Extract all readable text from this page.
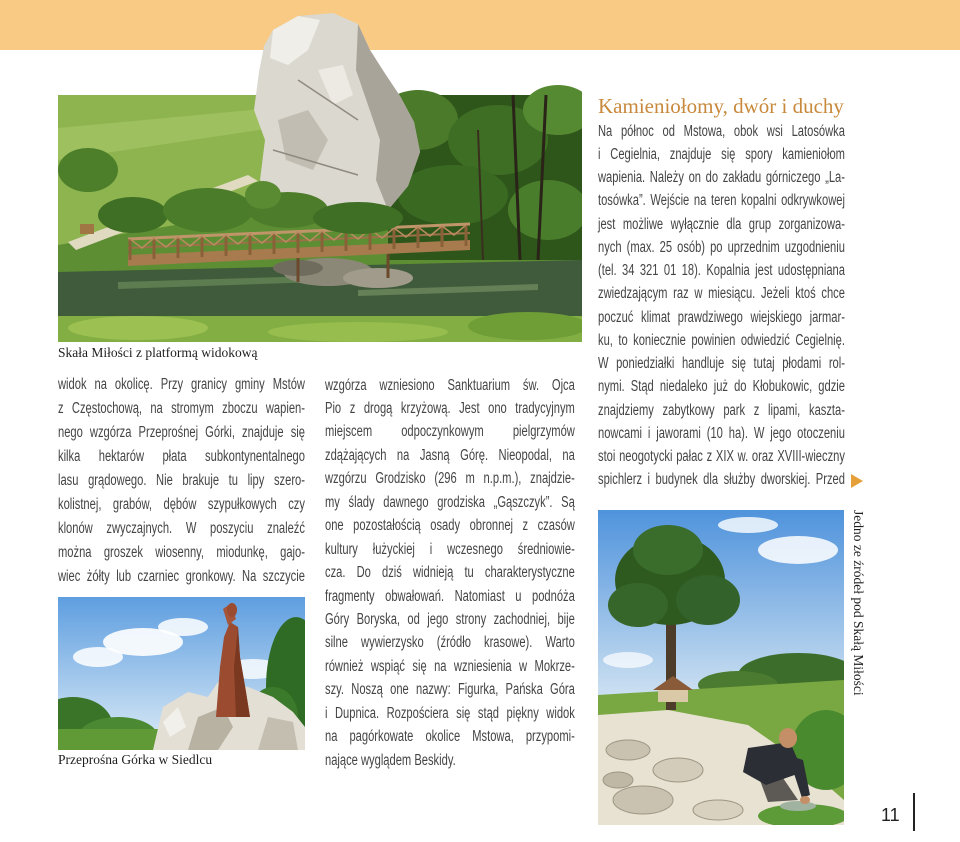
Skała Miłości z platformą widokową
widok na okolicę. Przy granicy gminy Mstów
z Częstochową, na stromym zboczu wapien-
nego wzgórza Przeprośnej Górki, znajduje się
kilka hektarów płata subkontynentalnego
lasu grądowego. Nie brakuje tu lipy szero-
kolistnej, grabów, dębów szypułkowych czy
klonów zwyczajnych. W poszyciu znaleźć
można groszek wiosenny, miodunkę, gajo-
wiec żółty lub czarniec gronkowy. Na szczycie
Przeprośna Górka w Siedlcu
wzgórza wzniesiono Sanktuarium św. Ojca
Pio z drogą krzyżową. Jest ono tradycyjnym
miejscem odpoczynkowym pielgrzymów
zdążających na Jasną Górę. Nieopodal, na
wzgórzu Grodzisko (296 m n.p.m.), znajdzie-
my ślady dawnego grodziska „Gąszczyk”. Są
one pozostałością osady obronnej z czasów
kultury łużyckiej i wczesnego średniowie-
cza. Do dziś widnieją tu charakterystyczne
fragmenty obwałowań. Natomiast u podnóża
Góry Boryska, od jego strony zachodniej, bije
silne wywierzysko (źródło krasowe). Warto
również wspiąć się na wzniesienia w Mokrze-
szy. Noszą one nazwy: Figurka, Pańska Góra
i Dupnica. Rozpościera się stąd piękny widok
na pagórkowate okolice Mstowa, przypomi-
nające wyglądem Beskidy.
Kamieniołomy, dwór i duchy
Na północ od Mstowa, obok wsi Latosówka
i Cegielnia, znajduje się spory kamieniołom
wapienia. Należy on do zakładu górniczego „La-
tosówka”. Wejście na teren kopalni odkrywkowej
jest możliwe wyłącznie dla grup zorganizowa-
nych (max. 25 osób) po uprzednim uzgodnieniu
(tel. 34 321 01 18). Kopalnia jest udostępniana
zwiedzającym raz w miesiącu. Jeżeli ktoś chce
poczuć klimat prawdziwego wiejskiego jarmar-
ku, to koniecznie powinien odwiedzić Cegielnię.
W poniedziałki handluje się tutaj płodami rol-
nymi. Stąd niedaleko już do Kłobukowic, gdzie
znajdziemy zabytkowy park z lipami, kaszta-
nowcami i jaworami (10 ha). W jego otoczeniu
stoi neogotycki pałac z XIX w. oraz XVIII-wieczny
spichlerz i budynek dla służby dworskiej. Przed
Jedno ze źródeł pod Skałą Miłości
11
